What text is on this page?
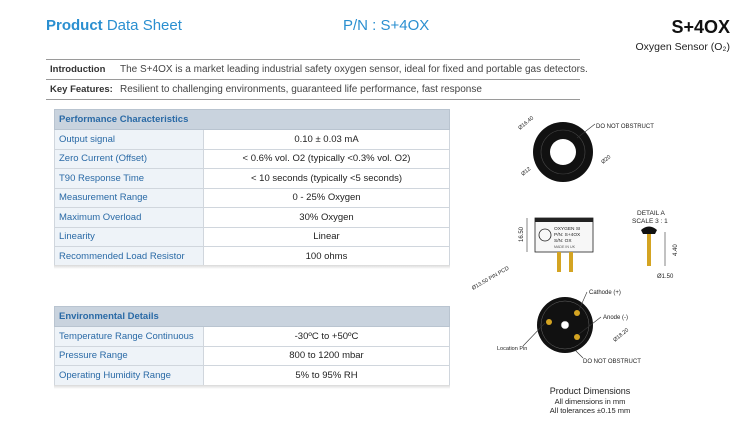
Product Data Sheet	P/N : S+4OX	S+4OX
Oxygen Sensor (O₂)
Introduction The S+4OX is a market leading industrial safety oxygen sensor, ideal for fixed and portable gas detectors.
Key Features: Resilient to challenging environments, guaranteed life performance, fast response
Performance Characteristics	
Output signal	0.10 ± 0.03 mA
Zero Current (Offset)	< 0.6% vol. O2 (typically <0.3% vol. O2)
T90 Response Time	< 10 seconds (typically <5 seconds)
Measurement Range	0 - 25% Oxygen
Maximum Overload	30% Oxygen
Linearity	Linear
Recommended Load Resistor	100 ohms
Environmental Details	
Temperature Range Continuous	-30ºC to +50ºC
Pressure Range	800 to 1200 mbar
Operating Humidity Range	5% to 95% RH
DO NOT OBSTRUCT
Ø16.40
Ø20
Ø12
OXYGEN SI
P/N: S+4OX
S/N: OX
MADE IN UK
16.50
DETAIL A
SCALE 3 : 1
4.40
Ø1.50
Cathode (+)
Anode (-)
Ø18.20
Ø13.50 PIN PCD
Location Pin
DO NOT OBSTRUCT
Product Dimensions
All dimensions in mm
All tolerances ±0.15 mm
